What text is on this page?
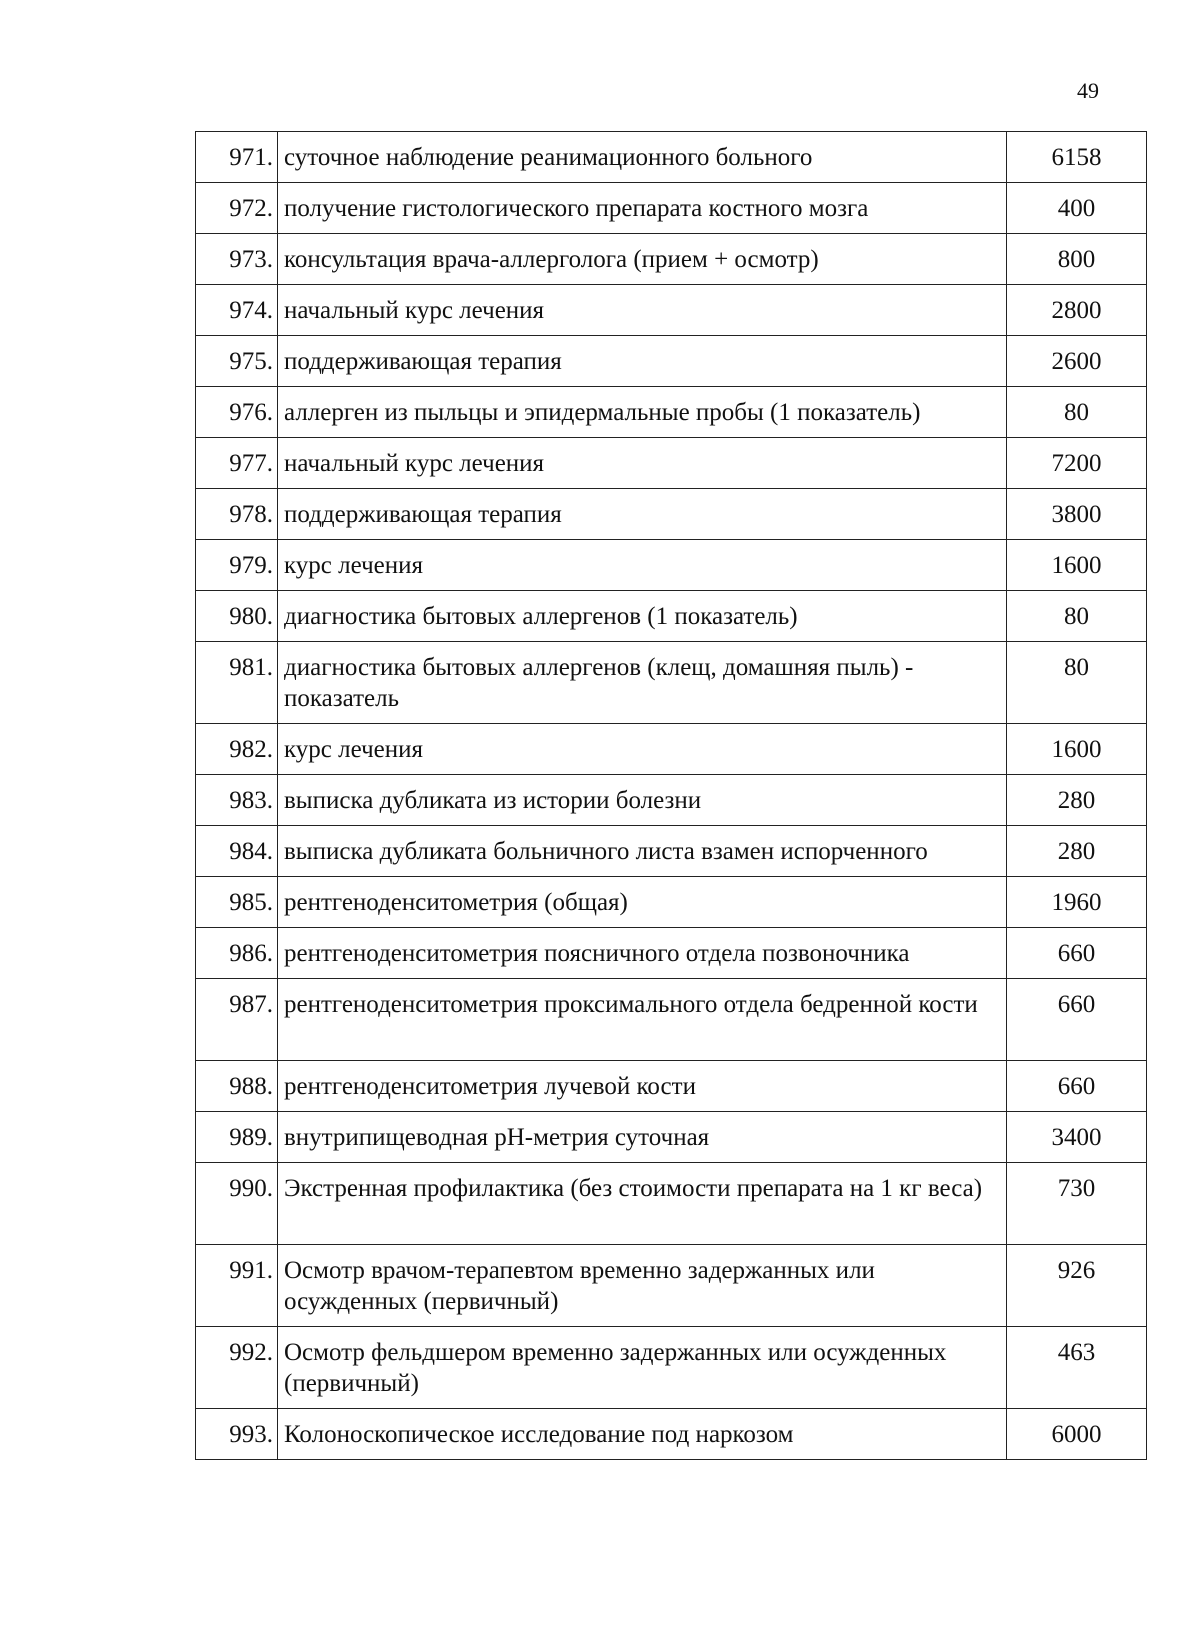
49
971.	суточное наблюдение реанимационного больного	6158
972.	получение гистологического препарата костного мозга	400
973.	консультация врача-аллерголога (прием + осмотр)	800
974.	начальный курс лечения	2800
975.	поддерживающая терапия	2600
976.	аллерген из пыльцы и эпидермальные пробы (1 показатель)	80
977.	начальный курс лечения	7200
978.	поддерживающая терапия	3800
979.	курс лечения	1600
980.	диагностика бытовых аллергенов (1 показатель)	80
981.	диагностика бытовых аллергенов (клещ, домашняя пыль) - показатель	80
982.	курс лечения	1600
983.	выписка дубликата из истории болезни	280
984.	выписка дубликата больничного листа взамен испорченного	280
985.	рентгеноденситометрия (общая)	1960
986.	рентгеноденситометрия поясничного отдела позвоночника	660
987.	рентгеноденситометрия проксимального отдела бедренной кости	660
988.	рентгеноденситометрия лучевой кости	660
989.	внутрипищеводная рН-метрия суточная	3400
990.	Экстренная профилактика (без стоимости препарата на 1 кг веса)	730
991.	Осмотр врачом-терапевтом временно задержанных или осужденных (первичный)	926
992.	Осмотр фельдшером временно задержанных или осужденных (первичный)	463
993.	Колоноскопическое исследование под наркозом	6000
